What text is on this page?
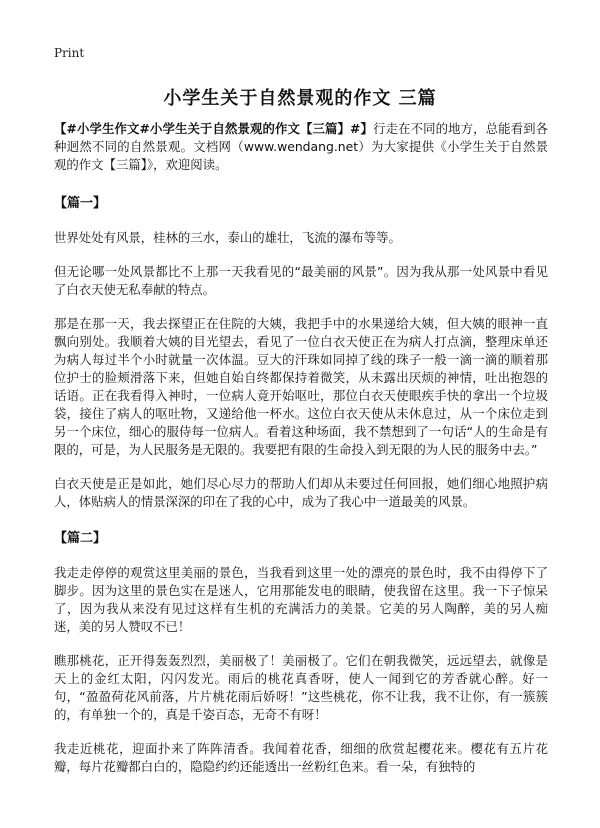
Print
小学生关于自然景观的作文 三篇

【#小学生作文#小学生关于自然景观的作文【三篇】#】行走在不同的地方，总能看到各种迥然不同的自然景观。文档网（www.wendang.net）为大家提供《小学生关于自然景观的作文【三篇】》，欢迎阅读。

【篇一】

世界处处有风景，桂林的三水，泰山的雄壮，飞流的瀑布等等。

但无论哪一处风景都比不上那一天我看见的“最美丽的风景”。因为我从那一处风景中看见了白衣天使无私奉献的特点。

那是在那一天，我去探望正在住院的大姨，我把手中的水果递给大姨，但大姨的眼神一直飘向别处。我顺着大姨的目光望去，看见了一位白衣天使正在为病人打点滴，整理床单还为病人每过半个小时就量一次体温。豆大的汗珠如同掉了线的珠子一般一滴一滴的顺着那位护士的脸颊滑落下来，但她自始自终都保持着微笑，从未露出厌烦的神情，吐出抱怨的话语。正在我看得入神时，一位病人竟开始呕吐，那位白衣天使眼疾手快的拿出一个垃圾袋，接住了病人的呕吐物，又递给他一杯水。这位白衣天使从未休息过，从一个床位走到另一个床位，细心的服侍每一位病人。看着这种场面，我不禁想到了一句话“人的生命是有限的，可是，为人民服务是无限的。我要把有限的生命投入到无限的为人民的服务中去。”

白衣天使是正是如此，她们尽心尽力的帮助人们却从未要过任何回报，她们细心地照护病人，体贴病人的情景深深的印在了我的心中，成为了我心中一道最美的风景。

【篇二】

我走走停停的观赏这里美丽的景色，当我看到这里一处的漂亮的景色时，我不由得停下了脚步。因为这里的景色实在是迷人，它用那能发电的眼睛，使我留在这里。我一下子惊呆了，因为我从来没有见过这样有生机的充满活力的美景。它美的另人陶醉，美的另人痴迷，美的另人赞叹不已！

瞧那桃花，正开得轰轰烈烈，美丽极了！美丽极了。它们在朝我微笑，远远望去，就像是天上的金红太阳，闪闪发光。雨后的桃花真香呀，使人一闻到它的芳香就心醉。好一句，“盈盈荷花风前落，片片桃花雨后娇呀！”这些桃花，你不让我，我不让你，有一簇簇的，有单独一个的，真是千姿百态，无奇不有呀！

我走近桃花，迎面扑来了阵阵清香。我闻着花香，细细的欣赏起樱花来。樱花有五片花瓣，每片花瓣都白白的，隐隐约约还能透出一丝粉红色来。看一朵，有独特的
